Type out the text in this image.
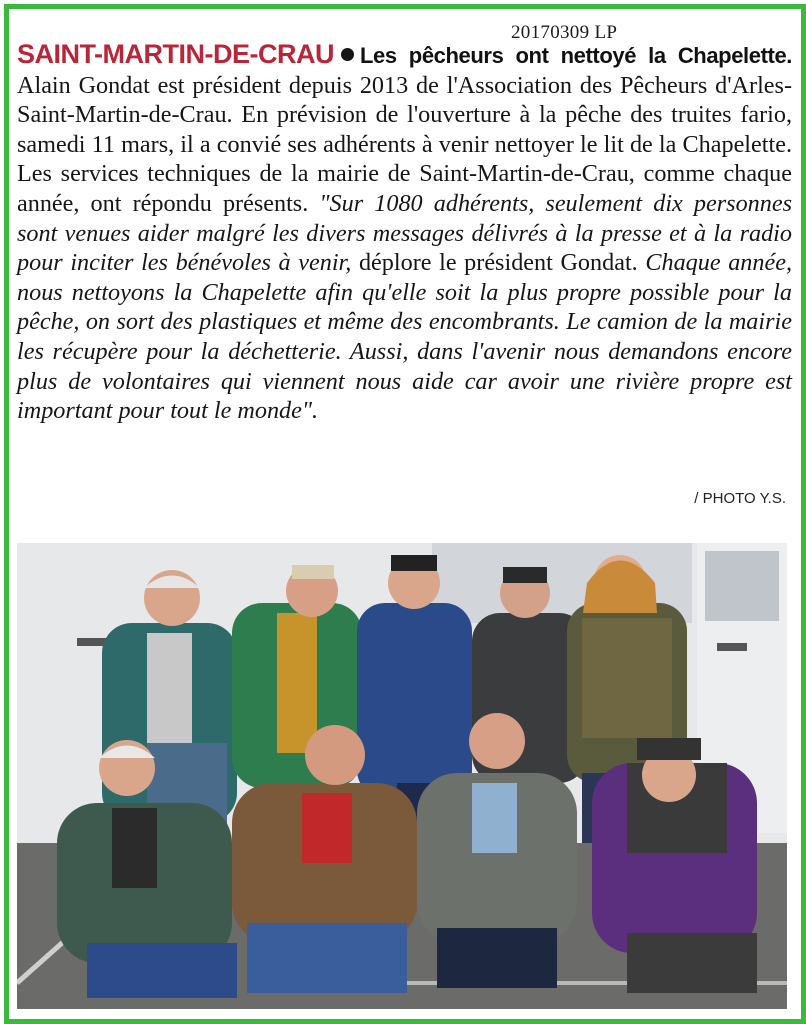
20170309 LP

SAINT-MARTIN-DE-CRAU Les pêcheurs ont nettoyé la Chapelette. Alain Gondat est président depuis 2013 de l'Association des Pêcheurs d'Arles-Saint-Martin-de-Crau. En prévision de l'ouverture à la pêche des truites fario, samedi 11 mars, il a convié ses adhérents à venir nettoyer le lit de la Chapelette. Les services techniques de la mairie de Saint-Martin-de-Crau, comme chaque année, ont répondu présents. "Sur 1080 adhérents, seulement dix personnes sont venues aider malgré les divers messages délivrés à la presse et à la radio pour inciter les bénévoles à venir, déplore le président Gondat. Chaque année, nous nettoyons la Chapelette afin qu'elle soit la plus propre possible pour la pêche, on sort des plastiques et même des encombrants. Le camion de la mairie les récupère pour la déchetterie. Aussi, dans l'avenir nous demandons encore plus de volontaires qui viennent nous aide car avoir une rivière propre est important pour tout le monde".

/ PHOTO Y.S.
